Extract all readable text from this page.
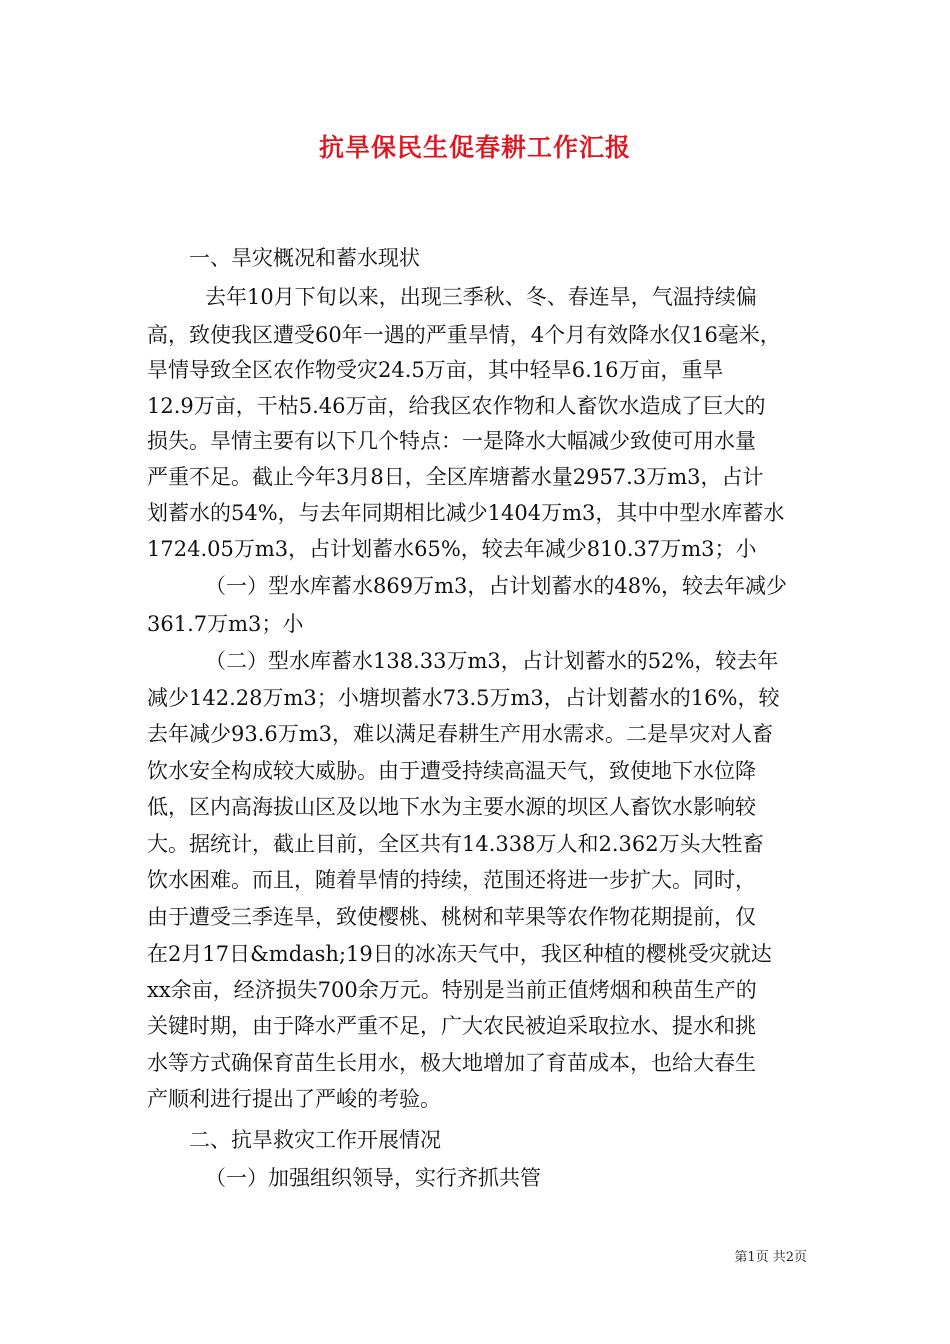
抗旱保民生促春耕工作汇报
一、旱灾概况和蓄水现状
去年10月下旬以来，出现三季秋、冬、春连旱，气温持续偏
高，致使我区遭受60年一遇的严重旱情，4个月有效降水仅16毫米，
旱情导致全区农作物受灾24.5万亩，其中轻旱6.16万亩，重旱
12.9万亩，干枯5.46万亩，给我区农作物和人畜饮水造成了巨大的
损失。旱情主要有以下几个特点：一是降水大幅减少致使可用水量
严重不足。截止今年3月8日，全区库塘蓄水量2957.3万m3，占计
划蓄水的54%，与去年同期相比减少1404万m3，其中中型水库蓄水
1724.05万m3，占计划蓄水65%，较去年减少810.37万m3；小
（一）型水库蓄水869万m3，占计划蓄水的48%，较去年减少
361.7万m3；小
（二）型水库蓄水138.33万m3，占计划蓄水的52%，较去年
减少142.28万m3；小塘坝蓄水73.5万m3，占计划蓄水的16%，较
去年减少93.6万m3，难以满足春耕生产用水需求。二是旱灾对人畜
饮水安全构成较大威胁。由于遭受持续高温天气，致使地下水位降
低，区内高海拔山区及以地下水为主要水源的坝区人畜饮水影响较
大。据统计，截止目前，全区共有14.338万人和2.362万头大牲畜
饮水困难。而且，随着旱情的持续，范围还将进一步扩大。同时，
由于遭受三季连旱，致使樱桃、桃树和苹果等农作物花期提前，仅
在2月17日&mdash;19日的冰冻天气中，我区种植的樱桃受灾就达
xx余亩，经济损失700余万元。特别是当前正值烤烟和秧苗生产的
关键时期，由于降水严重不足，广大农民被迫采取拉水、提水和挑
水等方式确保育苗生长用水，极大地增加了育苗成本，也给大春生
产顺利进行提出了严峻的考验。
二、抗旱救灾工作开展情况
（一）加强组织领导，实行齐抓共管
第1页 共2页
